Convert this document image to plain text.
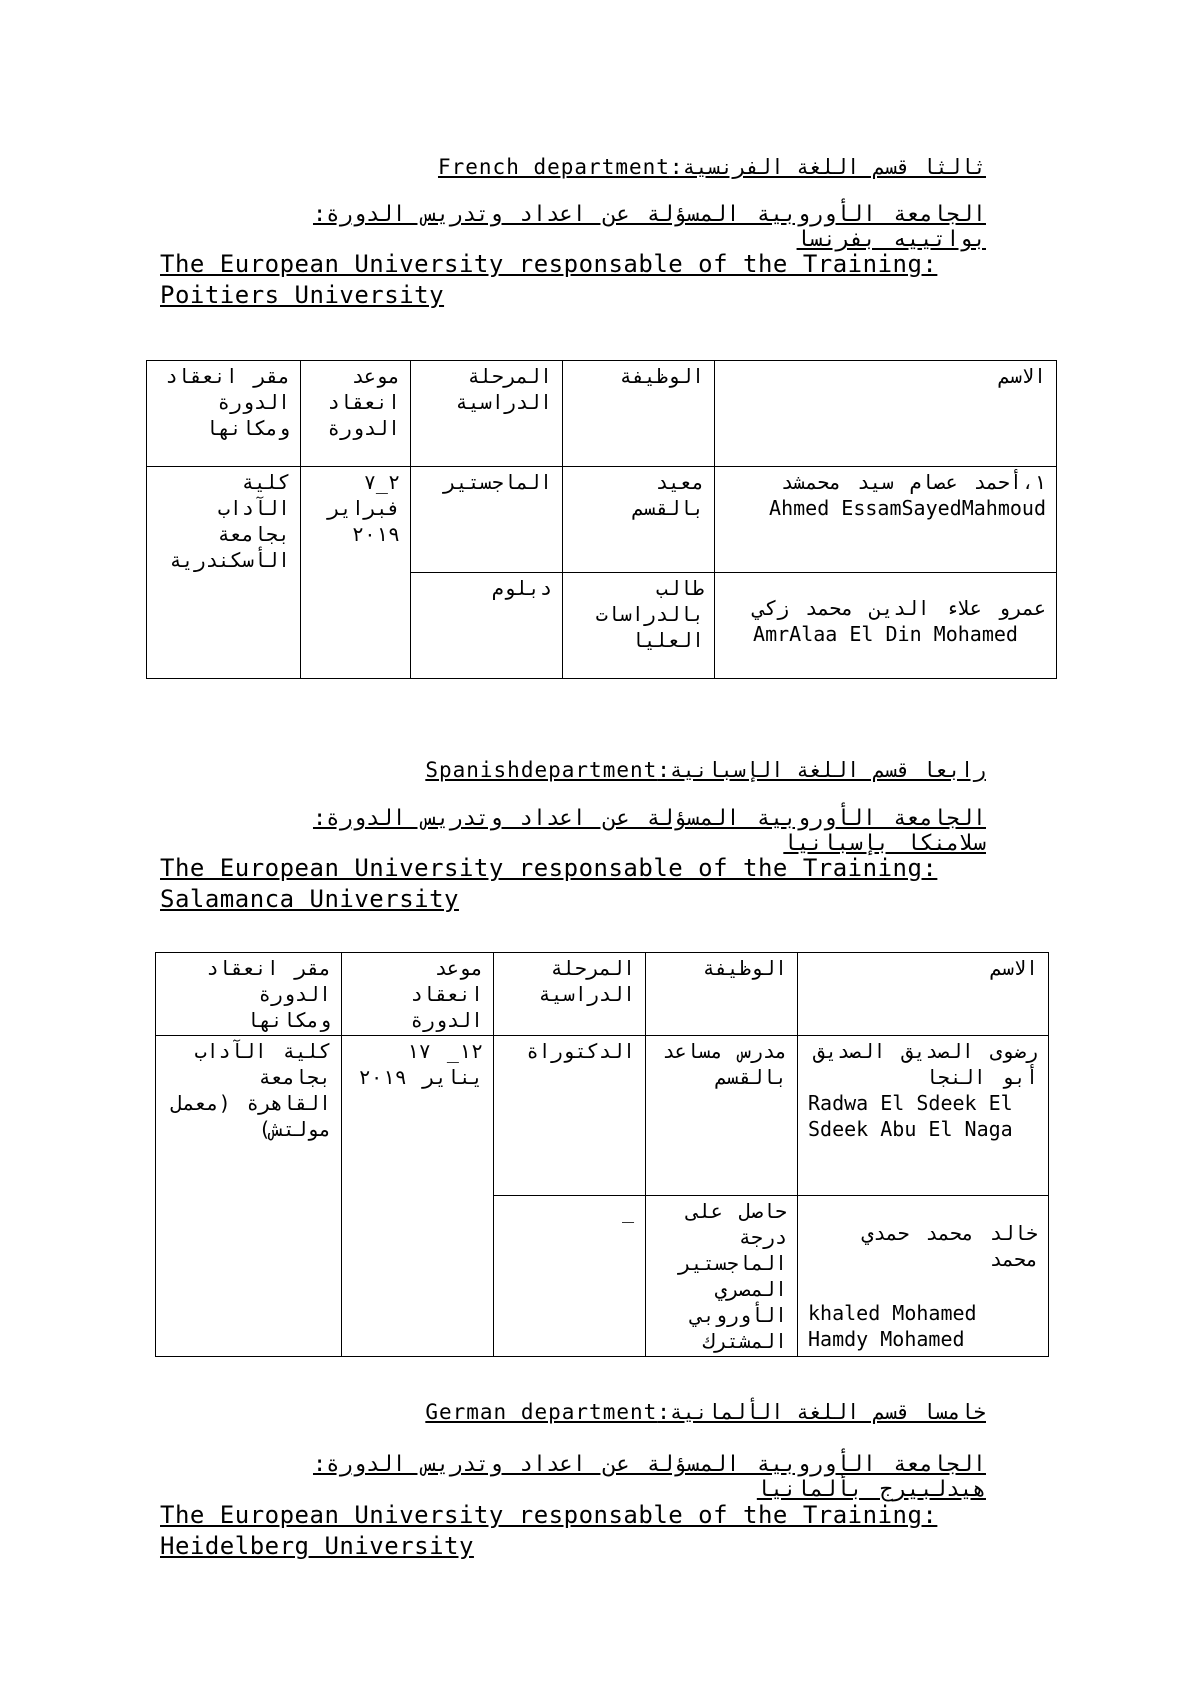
ثالثا قسم اللغة الفرنسية:French department
الجامعة الأوروبية المسؤلة عن اعداد وتدريس الدورة: بواتييه بفرنسا
The European University responsable of the Training: Poitiers University
الاسم	الوظيفة	المرحلة الدراسية	موعد انعقاد الدورة	مقر انعقاد الدورة ومكانها

١،أحمد عصام سيد محمشد
Ahmed EssamSayedMahmoud	معيد بالقسم	الماجستير	٢_٧ فبراير ٢٠١٩	كلية الآداب بجامعة الأسكندرية

عمرو علاء الدين محمد زكي
AmrAlaa El Din Mohamed	طالب بالدراسات العليا	دبلوم		
رابعا قسم اللغة الإسبانية:Spanishdepartment
الجامعة الأوروبية المسؤلة عن اعداد وتدريس الدورة: سلامنكا بإسبانيا
The European University responsable of the Training: Salamanca University
الاسم	الوظيفة	المرحلة الدراسية	موعد انعقاد الدورة	مقر انعقاد الدورة ومكانها

رضوى الصديق الصديق أبو النجا
Radwa El Sdeek El Sdeek Abu El Naga	مدرس مساعد بالقسم	الدكتوراة	١٢_ ١٧ يناير ٢٠١٩	كلية الآداب بجامعة القاهرة (معمل مولتش)

خالد محمد حمدي محمد
khaled Mohamed Hamdy Mohamed	حاصل على درجة الماجستير المصري الأوروبي المشترك	_		
خامسا قسم اللغة الألمانية:German department
الجامعة الأوروبية المسؤلة عن اعداد وتدريس الدورة: هيدلبيرج بألمانيا
The European University responsable of the Training: Heidelberg University
